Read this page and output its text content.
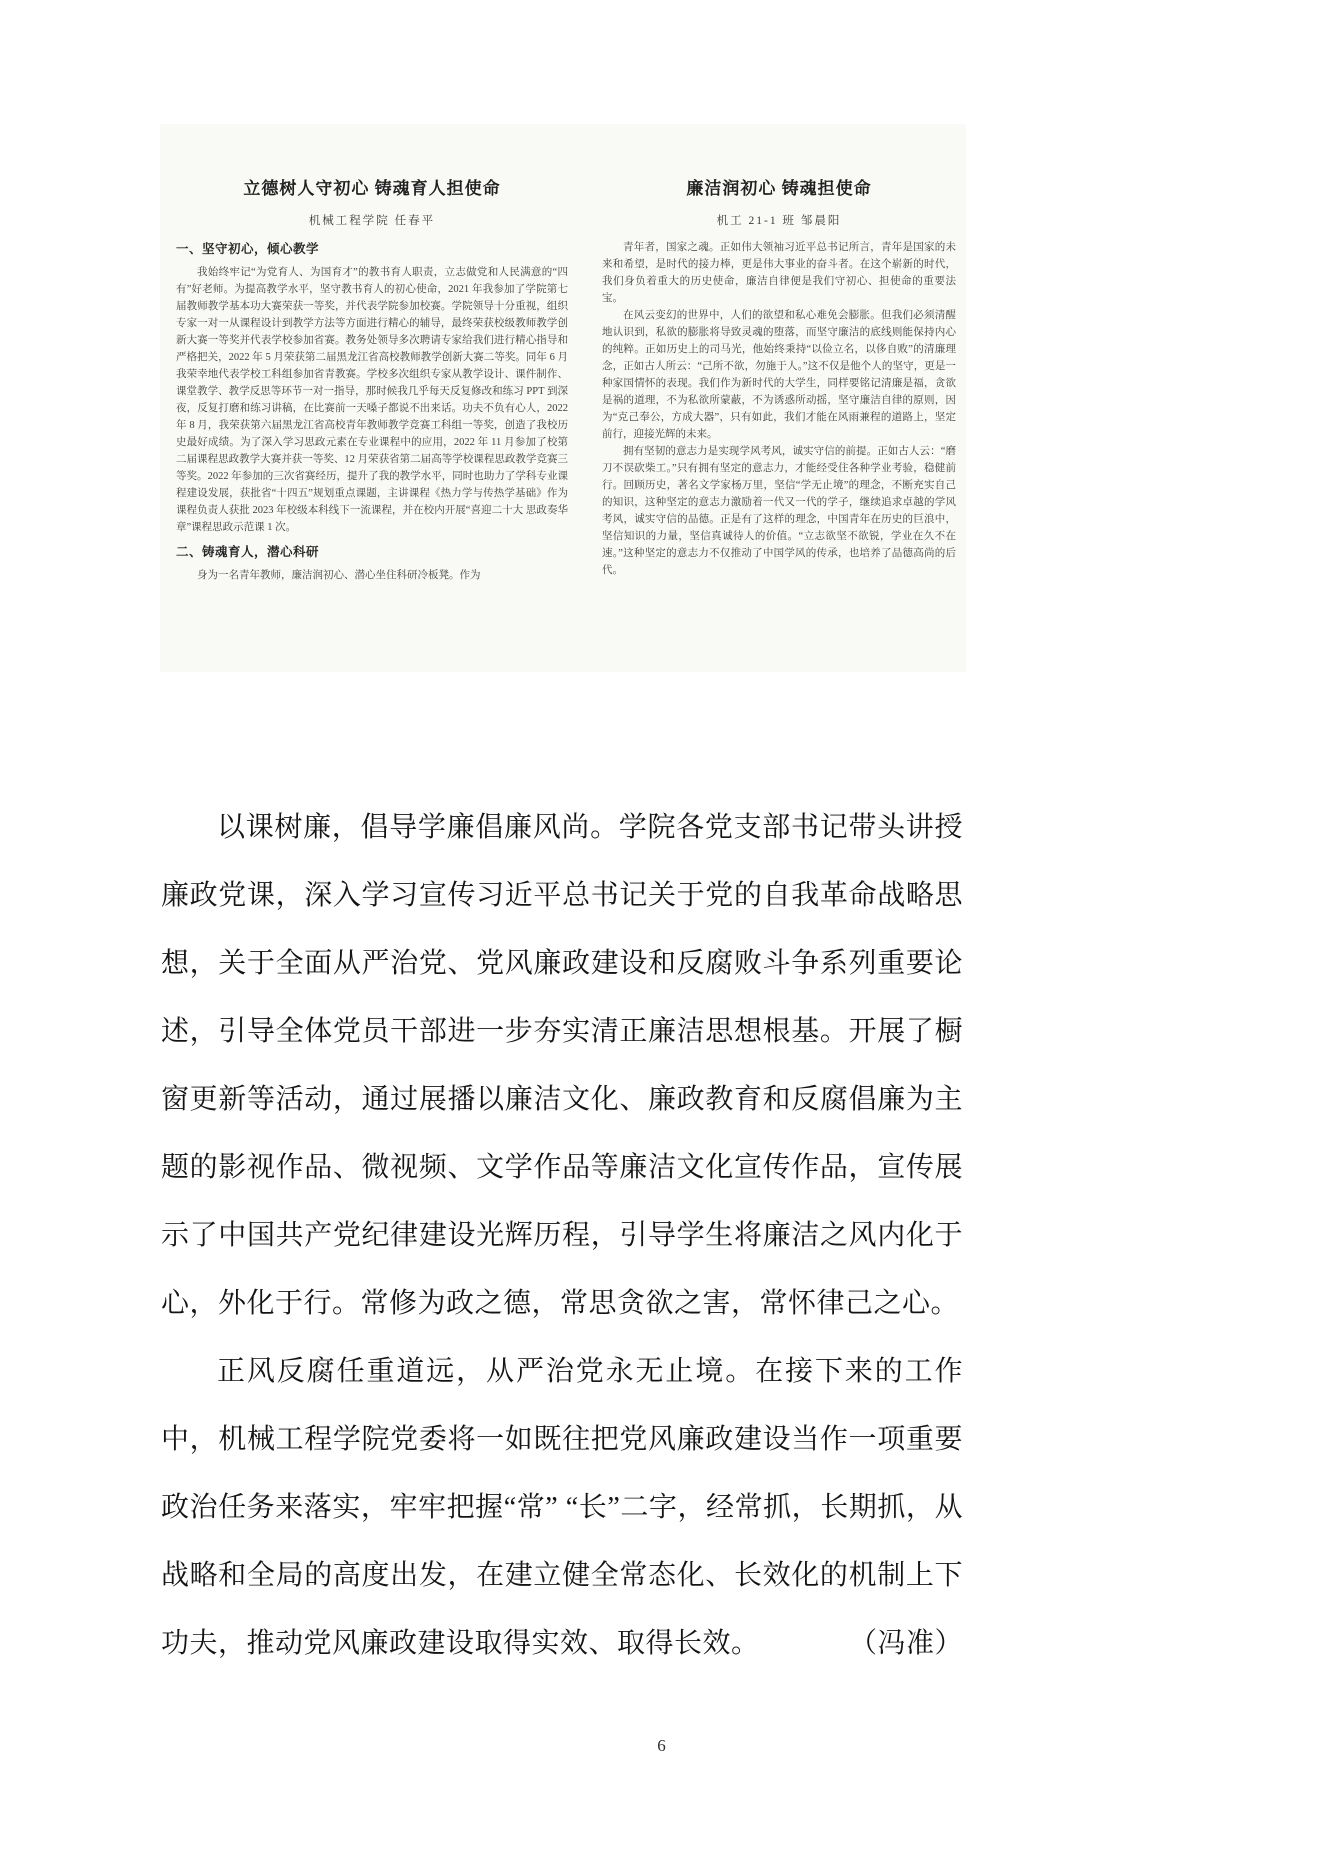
立德树人守初心 铸魂育人担使命
机械工程学院 任春平
一、坚守初心，倾心教学

我始终牢记“为党育人、为国育才”的教书育人职责，立志做党和人民满意的“四有”好老师。为提高教学水平，坚守教书育人的初心使命，2021 年我参加了学院第七届教师教学基本功大赛荣获一等奖，并代表学院参加校赛。学院领导十分重视，组织专家一对一从课程设计到教学方法等方面进行精心的辅导，最终荣获校级教师教学创新大赛一等奖并代表学校参加省赛。教务处领导多次聘请专家给我们进行精心指导和严格把关，2022 年 5 月荣获第二届黑龙江省高校教师教学创新大赛二等奖。同年 6 月我荣幸地代表学校工科组参加省青教赛。学校多次组织专家从教学设计、课件制作、课堂教学、教学反思等环节一对一指导，那时候我几乎每天反复修改和练习 PPT 到深夜，反复打磨和练习讲稿，在比赛前一天嗓子都说不出来话。功夫不负有心人，2022 年 8 月，我荣获第六届黑龙江省高校青年教师教学竞赛工科组一等奖，创造了我校历史最好成绩。为了深入学习思政元素在专业课程中的应用，2022 年 11 月参加了校第二届课程思政教学大赛并获一等奖、12 月荣获省第二届高等学校课程思政教学竞赛三等奖。2022 年参加的三次省赛经历，提升了我的教学水平，同时也助力了学科专业课程建设发展，获批省“十四五”规划重点课题，主讲课程《热力学与传热学基础》作为课程负责人获批 2023 年校级本科线下一流课程，并在校内开展“喜迎二十大 思政奏华章”课程思政示范课 1 次。

二、铸魂育人，潜心科研

身为一名青年教师，廉洁润初心、潜心坐住科研冷板凳。作为

廉洁润初心 铸魂担使命
机工 21-1 班 邹晨阳

青年者，国家之魂。正如伟大领袖习近平总书记所言，青年是国家的未来和希望，是时代的接力棒，更是伟大事业的奋斗者。在这个崭新的时代，我们身负着重大的历史使命，廉洁自律便是我们守初心、担使命的重要法宝。

在风云变幻的世界中，人们的欲望和私心难免会膨胀。但我们必须清醒地认识到，私欲的膨胀将导致灵魂的堕落，而坚守廉洁的底线则能保持内心的纯粹。正如历史上的司马光，他始终秉持“以俭立名，以侈自败”的清廉理念，正如古人所云：“己所不欲，勿施于人。”这不仅是他个人的坚守，更是一种家国情怀的表现。我们作为新时代的大学生，同样要铭记清廉是福，贪欲是祸的道理，不为私欲所蒙蔽，不为诱惑所动摇，坚守廉洁自律的原则，因为“克己奉公，方成大器”，只有如此，我们才能在风雨兼程的道路上，坚定前行，迎接光辉的未来。

拥有坚韧的意志力是实现学风考风，诚实守信的前提。正如古人云：“磨刀不误砍柴工。”只有拥有坚定的意志力，才能经受住各种学业考验，稳健前行。回顾历史，著名文学家杨万里，坚信“学无止境”的理念，不断充实自己的知识，这种坚定的意志力激励着一代又一代的学子，继续追求卓越的学风考风，诚实守信的品德。正是有了这样的理念，中国青年在历史的巨浪中，坚信知识的力量，坚信真诚待人的价值。“立志欲坚不欲锐，学业在久不在速。”这种坚定的意志力不仅推动了中国学风的传承，也培养了品德高尚的后代。

以课树廉，倡导学廉倡廉风尚。学院各党支部书记带头讲授廉政党课，深入学习宣传习近平总书记关于党的自我革命战略思想，关于全面从严治党、党风廉政建设和反腐败斗争系列重要论述，引导全体党员干部进一步夯实清正廉洁思想根基。开展了橱窗更新等活动，通过展播以廉洁文化、廉政教育和反腐倡廉为主题的影视作品、微视频、文学作品等廉洁文化宣传作品，宣传展示了中国共产党纪律建设光辉历程，引导学生将廉洁之风内化于心，外化于行。常修为政之德，常思贪欲之害，常怀律己之心。

正风反腐任重道远，从严治党永无止境。在接下来的工作中，机械工程学院党委将一如既往把党风廉政建设当作一项重要政治任务来落实，牢牢把握“常” “长”二字，经常抓，长期抓，从战略和全局的高度出发，在建立健全常态化、长效化的机制上下功夫，推动党风廉政建设取得实效、取得长效。	（冯准）

6
